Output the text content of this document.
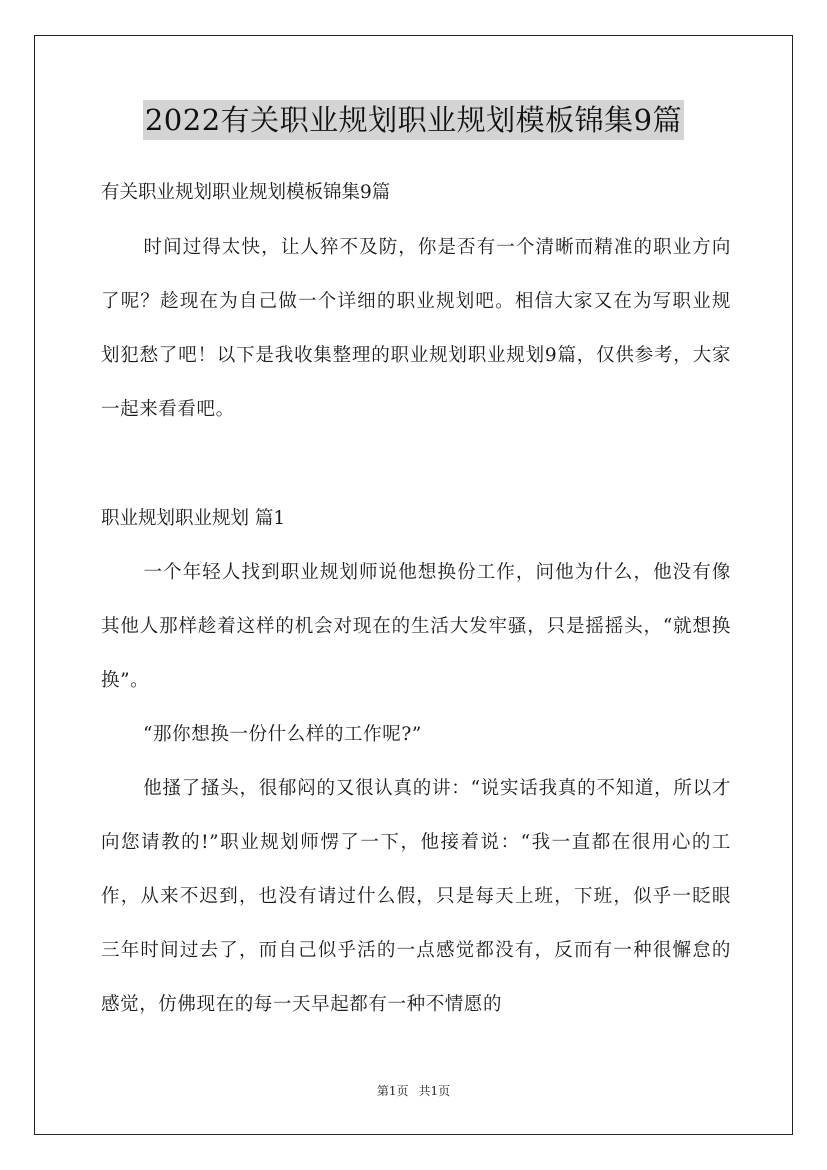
2022有关职业规划职业规划模板锦集9篇
有关职业规划职业规划模板锦集9篇
时间过得太快，让人猝不及防，你是否有一个清晰而精准的职业方向了呢？趁现在为自己做一个详细的职业规划吧。相信大家又在为写职业规划犯愁了吧！以下是我收集整理的职业规划职业规划9篇，仅供参考，大家一起来看看吧。
职业规划职业规划 篇1
一个年轻人找到职业规划师说他想换份工作，问他为什么，他没有像其他人那样趁着这样的机会对现在的生活大发牢骚，只是摇摇头，“就想换换”。
“那你想换一份什么样的工作呢?”
他搔了搔头，很郁闷的又很认真的讲：“说实话我真的不知道，所以才向您请教的!”职业规划师愣了一下，他接着说：“我一直都在很用心的工作，从来不迟到，也没有请过什么假，只是每天上班，下班，似乎一眨眼三年时间过去了，而自己似乎活的一点感觉都没有，反而有一种很懈怠的感觉，仿佛现在的每一天早起都有一种不情愿的
第1页 共1页
